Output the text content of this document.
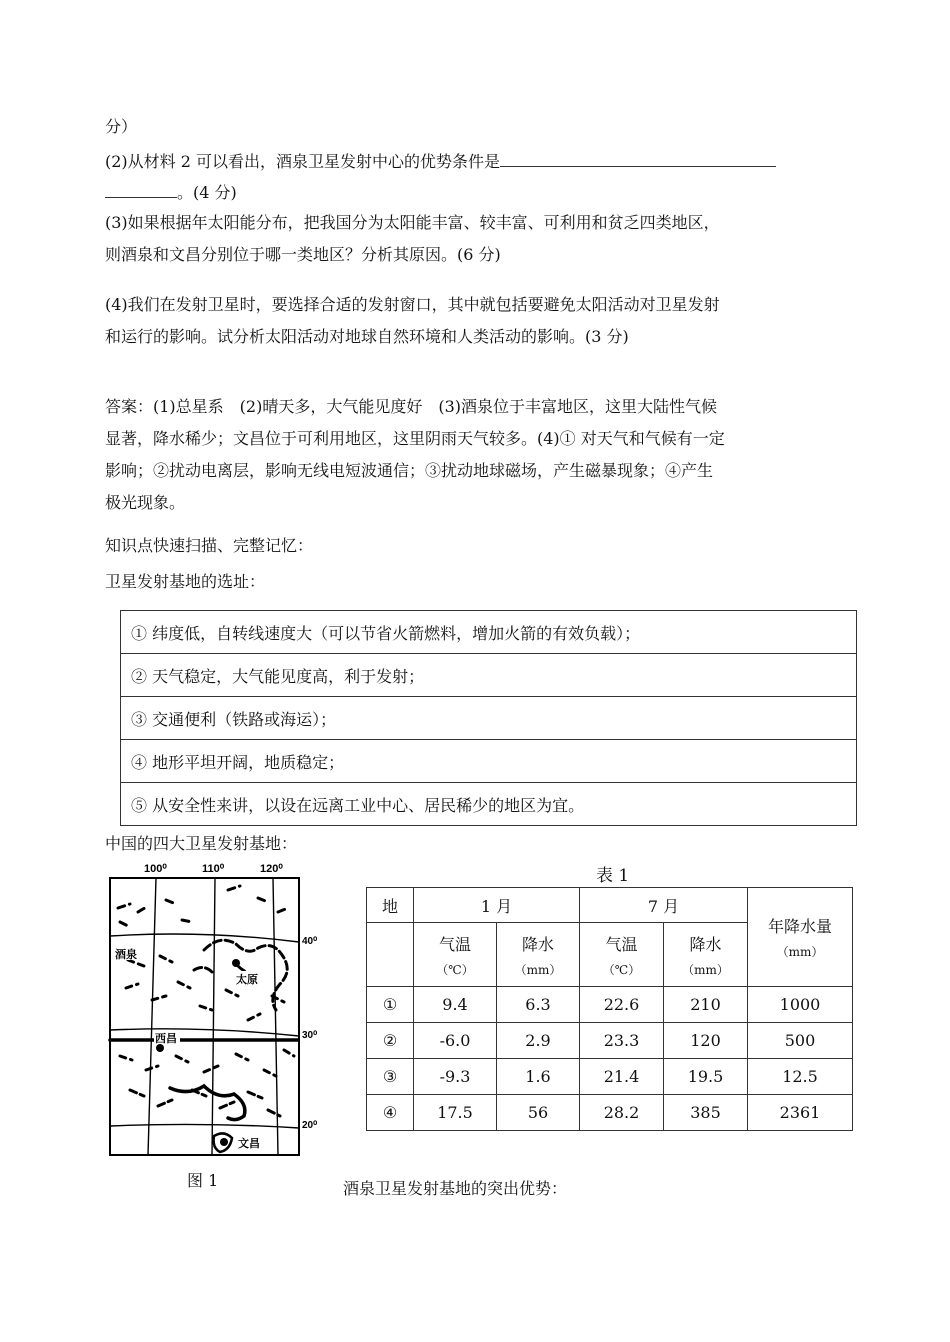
分）
(2)从材料 2 可以看出，酒泉卫星发射中心的优势条件是
。(4 分)
(3)如果根据年太阳能分布，把我国分为太阳能丰富、较丰富、可利用和贫乏四类地区，
则酒泉和文昌分别位于哪一类地区？分析其原因。(6 分)
(4)我们在发射卫星时，要选择合适的发射窗口，其中就包括要避免太阳活动对卫星发射
和运行的影响。试分析太阳活动对地球自然环境和人类活动的影响。(3 分)
答案：(1)总星系　(2)晴天多，大气能见度好　(3)酒泉位于丰富地区，这里大陆性气候
显著，降水稀少；文昌位于可利用地区，这里阴雨天气较多。(4)① 对天气和气候有一定
影响；②扰动电离层，影响无线电短波通信；③扰动地球磁场，产生磁暴现象；④产生
极光现象。
知识点快速扫描、完整记忆：
卫星发射基地的选址：
中国的四大卫星发射基地：
① 纬度低，自转线速度大（可以节省火箭燃料，增加火箭的有效负载）；
② 天气稳定，大气能见度高，利于发射；
③ 交通便利（铁路或海运）；
④ 地形平坦开阔，地质稳定；
⑤ 从安全性来讲，以设在远离工业中心、居民稀少的地区为宜。
100⁰	110⁰	120⁰
40⁰
30⁰
20⁰
酒泉
太原
西昌
文昌
图 1
表 1
地	1 月		7 月		年降水量
（mm）

	气温
（℃）	降水
（mm）	气温
（℃）	降水
（mm）	

①	9.4	6.3	22.6	210	1000
②	-6.0	2.9	23.3	120	500
③	-9.3	1.6	21.4	19.5	12.5
④	17.5	56	28.2	385	2361
酒泉卫星发射基地的突出优势：
